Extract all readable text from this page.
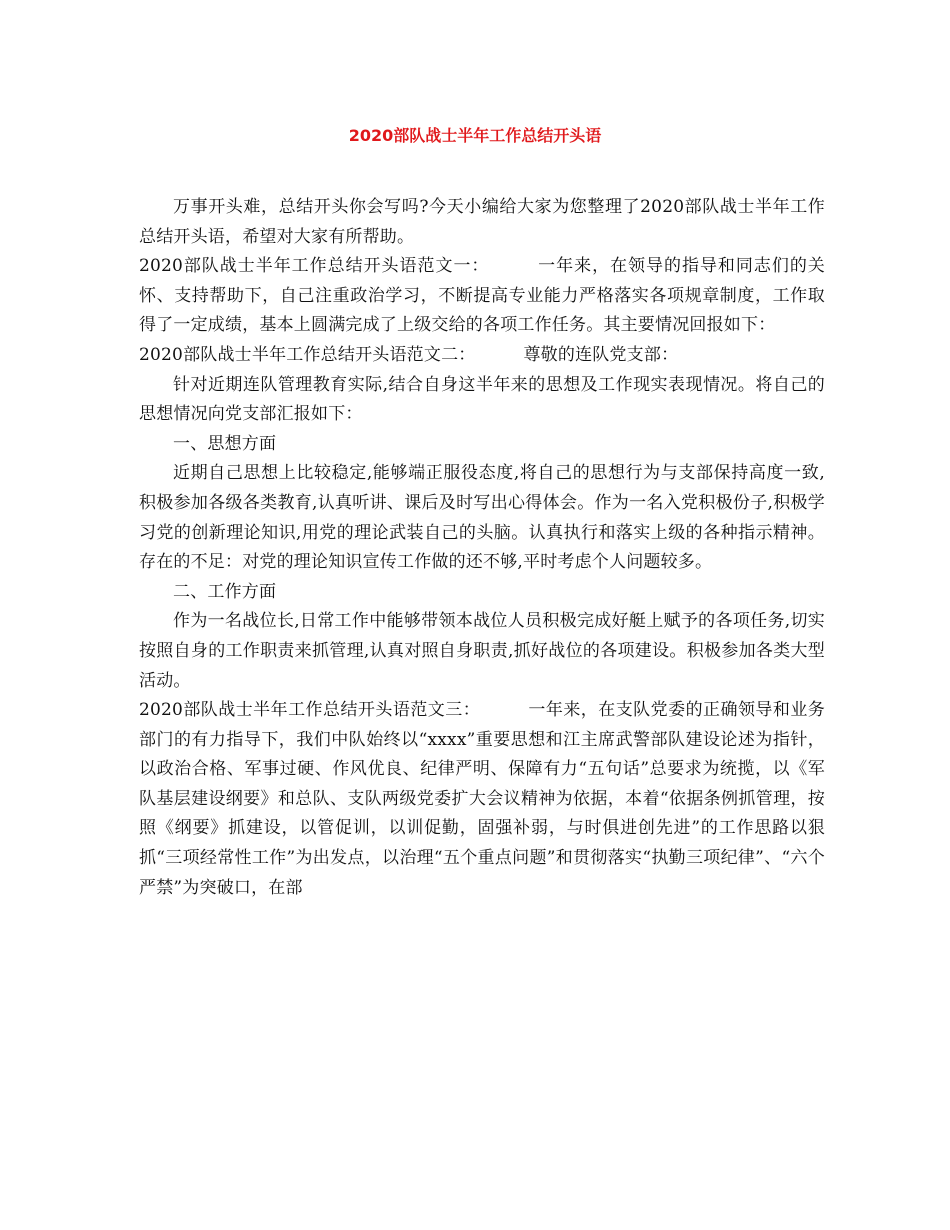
2020部队战士半年工作总结开头语

万事开头难，总结开头你会写吗?今天小编给大家为您整理了2020部队战士半年工作总结开头语，希望对大家有所帮助。

2020部队战士半年工作总结开头语范文一：	一年来，在领导的指导和同志们的关怀、支持帮助下，自己注重政治学习，不断提高专业能力严格落实各项规章制度，工作取得了一定成绩，基本上圆满完成了上级交给的各项工作任务。其主要情况回报如下：

2020部队战士半年工作总结开头语范文二：	尊敬的连队党支部：

针对近期连队管理教育实际,结合自身这半年来的思想及工作现实表现情况。将自己的思想情况向党支部汇报如下：

一、思想方面

近期自己思想上比较稳定,能够端正服役态度,将自己的思想行为与支部保持高度一致,积极参加各级各类教育,认真听讲、课后及时写出心得体会。作为一名入党积极份子,积极学习党的创新理论知识,用党的理论武装自己的头脑。认真执行和落实上级的各种指示精神。 存在的不足：对党的理论知识宣传工作做的还不够,平时考虑个人问题较多。

二、工作方面

作为一名战位长,日常工作中能够带领本战位人员积极完成好艇上赋予的各项任务,切实按照自身的工作职责来抓管理,认真对照自身职责,抓好战位的各项建设。积极参加各类大型活动。

2020部队战士半年工作总结开头语范文三：	一年来，在支队党委的正确领导和业务部门的有力指导下，我们中队始终以“xxxx”重要思想和江主席武警部队建设论述为指针，以政治合格、军事过硬、作风优良、纪律严明、保障有力“五句话”总要求为统揽，以《军队基层建设纲要》和总队、支队两级党委扩大会议精神为依据，本着“依据条例抓管理，按照《纲要》抓建设，以管促训，以训促勤，固强补弱，与时俱进创先进”的工作思路以狠抓“三项经常性工作”为出发点，以治理“五个重点问题”和贯彻落实“执勤三项纪律”、“六个严禁”为突破口，在部
